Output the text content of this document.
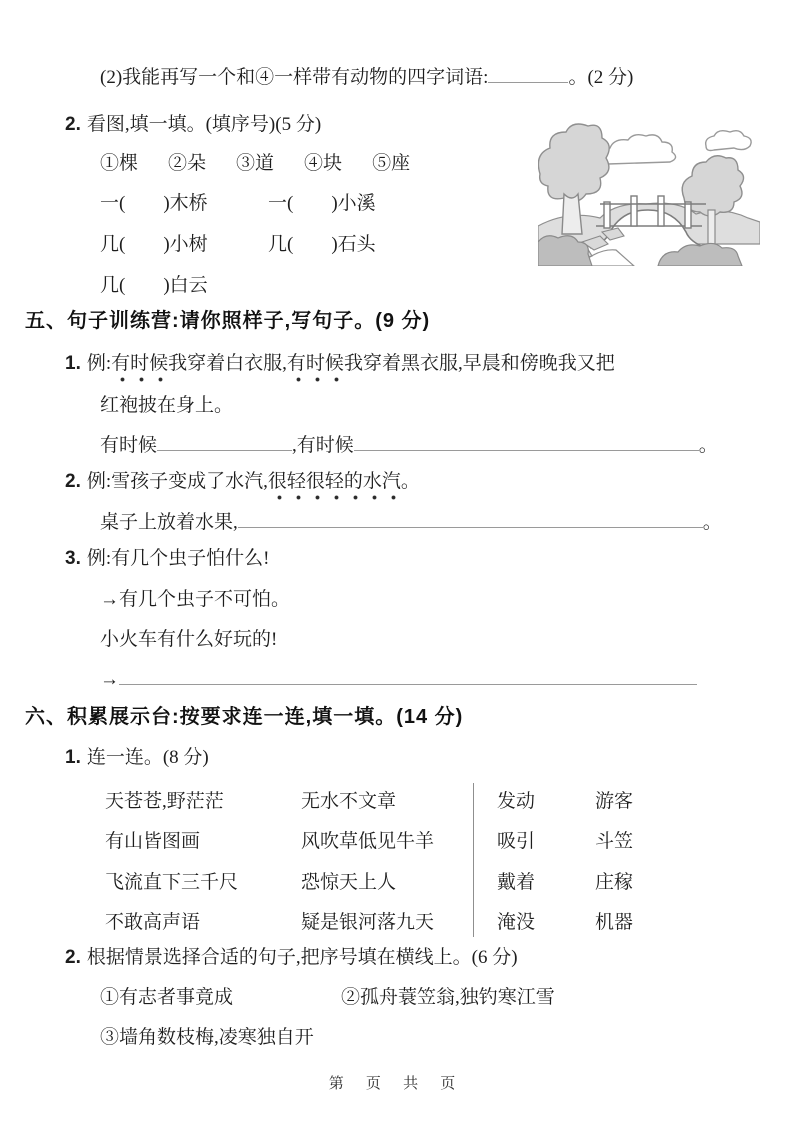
(2)我能再写一个和④一样带有动物的四字词语:	。(2 分)
2. 看图,填一填。(填序号)(5 分)
①棵 ②朵 ③道 ④块 ⑤座
一(　　)木桥	一(　　)小溪
几(　　)小树	几(　　)石头
几(　　)白云
五、句子训练营:请你照样子,写句子。(9 分)
1. 例:有时候我穿着白衣服,有时候我穿着黑衣服,早晨和傍晚我又把
红袍披在身上。
有时候	,有时候	。
2. 例:雪孩子变成了水汽,很轻很轻的水汽。
桌子上放着水果,	。
3. 例:有几个虫子怕什么!
→有几个虫子不可怕。
小火车有什么好玩的!
→
六、积累展示台:按要求连一连,填一填。(14 分)
1. 连一连。(8 分)
天苍苍,野茫茫	无水不文章	发动	游客
有山皆图画	风吹草低见牛羊	吸引	斗笠
飞流直下三千尺	恐惊天上人	戴着	庄稼
不敢高声语	疑是银河落九天	淹没	机器
2. 根据情景选择合适的句子,把序号填在横线上。(6 分)
①有志者事竟成	②孤舟蓑笠翁,独钓寒江雪
③墙角数枝梅,凌寒独自开
第 页 共 页
